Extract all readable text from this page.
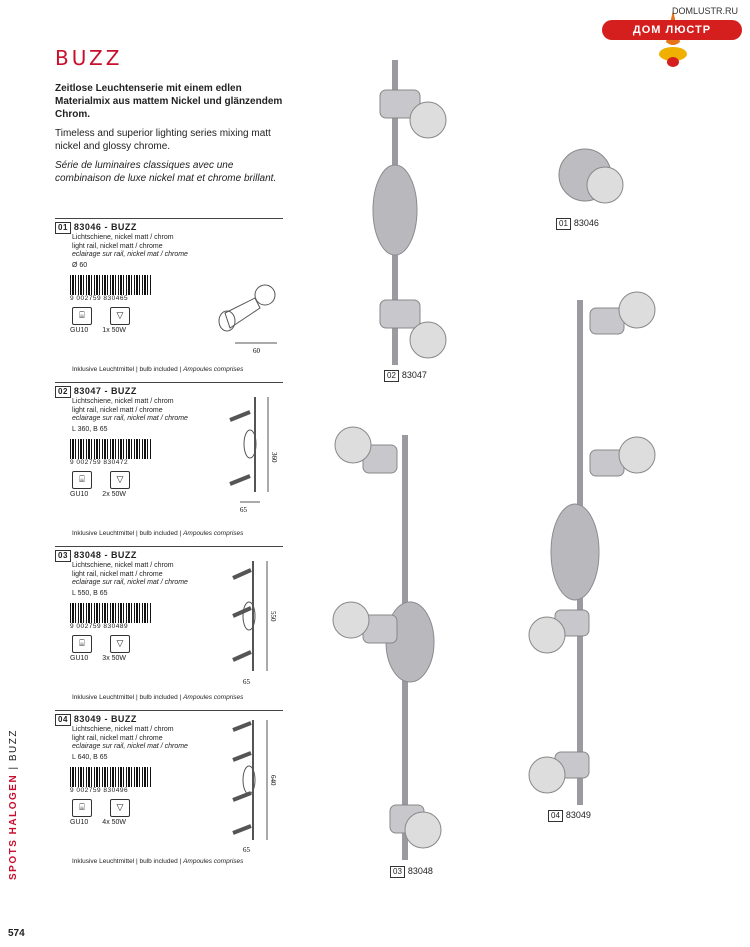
DOMLUSTR.RU
ДОМ ЛЮСТР
BUZZ

Zeitlose Leuchtenserie mit einem edlen Materialmix aus mattem Nickel und glänzendem Chrom.

Timeless and superior lighting series mixing matt nickel and glossy chrome.

Série de luminaires classiques avec une combinaison de luxe nickel mat et chrome brillant.

01 83046 - BUZZ
Lichtschiene, nickel matt / chrom
light rail, nickel matt / chrome
eclairage sur rail, nickel mat / chrome
Ø 60
9 002759 830465
⌸	▽
GU10 1x 50W
60
Inklusive Leuchtmittel | bulb included | Ampoules comprises
02 83047 - BUZZ
Lichtschiene, nickel matt / chrom
light rail, nickel matt / chrome
eclairage sur rail, nickel mat / chrome
L 360, B 65
9 002759 830472
⌸	▽
GU10 2x 50W
360
65
Inklusive Leuchtmittel | bulb included | Ampoules comprises
03 83048 - BUZZ
Lichtschiene, nickel matt / chrom
light rail, nickel matt / chrome
eclairage sur rail, nickel mat / chrome
L 550, B 65
9 002759 830489
⌸	▽
GU10 3x 50W
550
65
Inklusive Leuchtmittel | bulb included | Ampoules comprises
04 83049 - BUZZ
Lichtschiene, nickel matt / chrom
light rail, nickel matt / chrome
eclairage sur rail, nickel mat / chrome
L 640, B 65
9 002759 830496
⌸	▽
GU10 4x 50W
640
65
Inklusive Leuchtmittel | bulb included | Ampoules comprises
02 83047
01 83046
03 83048
04 83049
SPOTS HALOGEN | BUZZ
574
